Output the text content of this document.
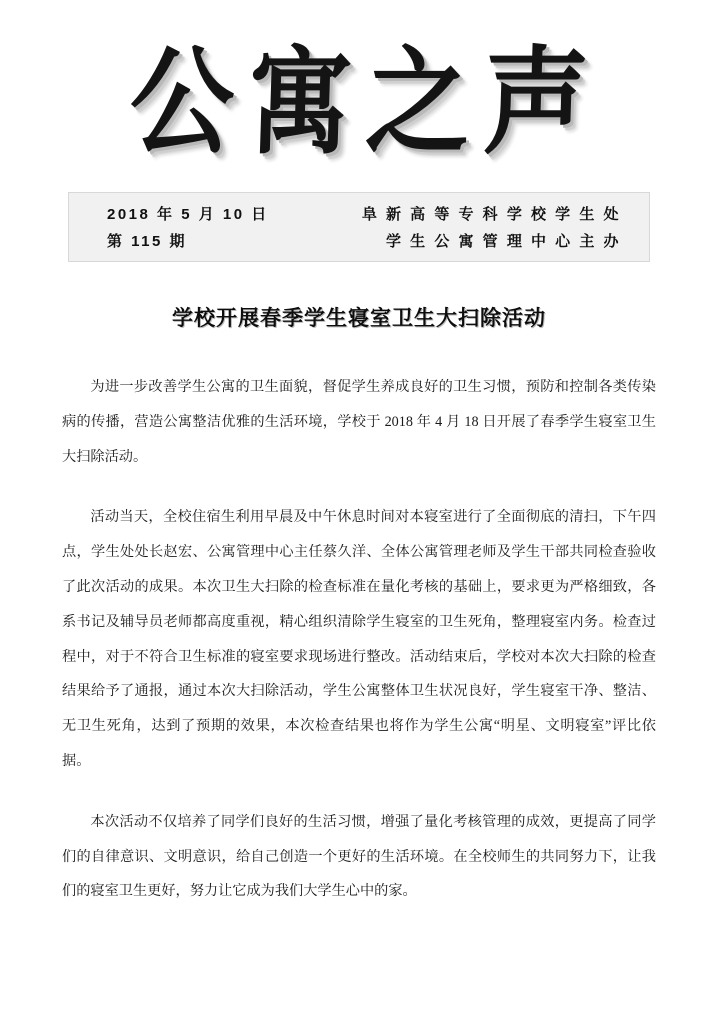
公寓之声
2018 年 5 月 10 日
第 115 期
阜 新 高 等 专 科 学 校 学 生 处
学 生 公 寓 管 理 中 心 主 办
学校开展春季学生寝室卫生大扫除活动

为进一步改善学生公寓的卫生面貌，督促学生养成良好的卫生习惯，预防和控制各类传染病的传播，营造公寓整洁优雅的生活环境，学校于 2018 年 4 月 18 日开展了春季学生寝室卫生大扫除活动。

活动当天，全校住宿生利用早晨及中午休息时间对本寝室进行了全面彻底的清扫，下午四点，学生处处长赵宏、公寓管理中心主任蔡久洋、全体公寓管理老师及学生干部共同检查验收了此次活动的成果。本次卫生大扫除的检查标准在量化考核的基础上，要求更为严格细致，各系书记及辅导员老师都高度重视，精心组织清除学生寝室的卫生死角，整理寝室内务。检查过程中，对于不符合卫生标准的寝室要求现场进行整改。活动结束后，学校对本次大扫除的检查结果给予了通报，通过本次大扫除活动，学生公寓整体卫生状况良好，学生寝室干净、整洁、无卫生死角，达到了预期的效果，本次检查结果也将作为学生公寓“明星、文明寝室”评比依据。

本次活动不仅培养了同学们良好的生活习惯，增强了量化考核管理的成效，更提高了同学们的自律意识、文明意识，给自己创造一个更好的生活环境。在全校师生的共同努力下，让我们的寝室卫生更好，努力让它成为我们大学生心中的家。
